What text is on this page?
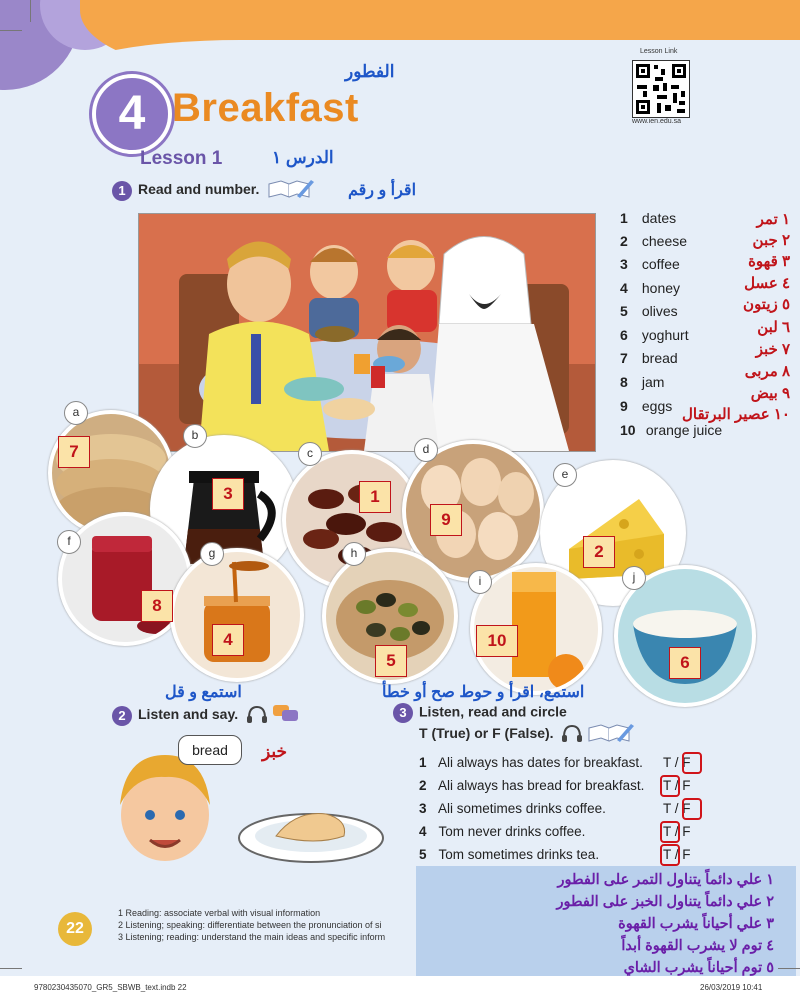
4 Breakfast
الفطور
Lesson Link
www.ien.edu.sa
Lesson 1	الدرس ١
1 Read and number.	اقرأ و رقم
1 dates
2 cheese
3 coffee
4 honey
5 olives
6 yoghurt
7 bread
8 jam
9 eggs
10 orange juice
١ تمر
٢ جبن
٣ قهوة
٤ عسل
٥ زيتون
٦ لبن
٧ خبز
٨ مربى
٩ بيض
١٠ عصير البرتقال
a
b
c	d
e
f
g	h
i	j
7
3	1
9
2
8
4
5
10
6
استمع و قل
2 Listen and say.
bread	خبز
استمع، اقرأ و حوط صح أو خطأ
3 Listen, read and circle
T (True) or F (False).
1 Ali always has dates for breakfast. T / F
2 Ali always has bread for breakfast. T / F
3 Ali sometimes drinks coffee.	T / F
4 Tom never drinks coffee.	T / F
5 Tom sometimes drinks tea.	T / F
22
1 Reading: associate verbal with visual information
2 Listening; speaking: differentiate between the pronunciation of si
3 Listening; reading: understand the main ideas and specific inform
١ علي دائماً يتناول التمر على الفطور
٢ علي دائماً يتناول الخبز على الفطور
٣ علي أحياناً يشرب القهوة
٤ توم لا يشرب القهوة أبداً
٥ توم أحياناً يشرب الشاي
9780230435070_GR5_SBWB_text.indb 22	26/03/2019 10:41
